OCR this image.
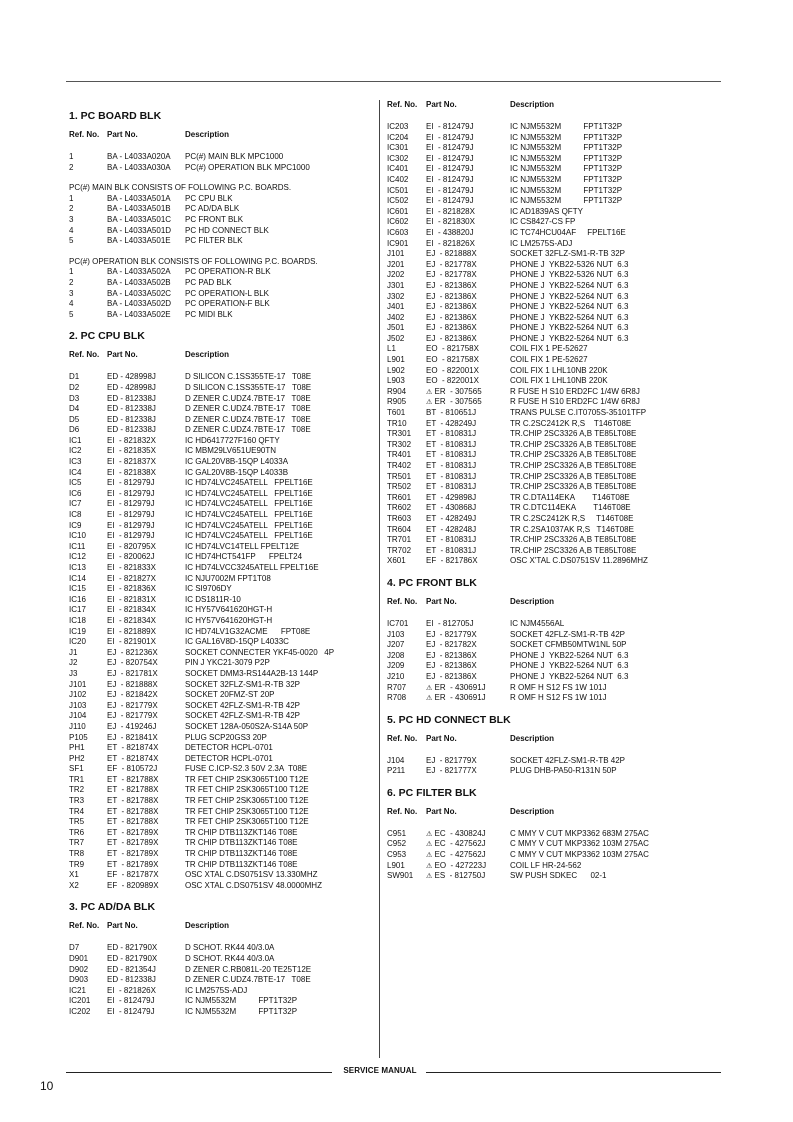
1. PC BOARD BLK
Ref. No. Part No.	Description
1	BA - L4033A020A	PC(#) MAIN BLK MPC1000
2	BA - L4033A030A	PC(#) OPERATION BLK MPC1000
PC(#) MAIN BLK CONSISTS OF FOLLOWING P.C. BOARDS.
1	BA - L4033A501A	PC CPU BLK
2	BA - L4033A501B	PC AD/DA BLK
3	BA - L4033A501C	PC FRONT BLK
4	BA - L4033A501D	PC HD CONNECT BLK
5	BA - L4033A501E	PC FILTER BLK
PC(#) OPERATION BLK CONSISTS OF FOLLOWING P.C. BOARDS.
1	BA - L4033A502A	PC OPERATION-R BLK
2	BA - L4033A502B	PC PAD BLK
3	BA - L4033A502C	PC OPERATION-L BLK
4	BA - L4033A502D	PC OPERATION-F BLK
5	BA - L4033A502E	PC MIDI BLK
2. PC CPU BLK
Ref. No. Part No.	Description
D1	ED - 428998J	D SILICON C.1SS355TE-17   T08E
D2	ED - 428998J	D SILICON C.1SS355TE-17   T08E
D3	ED - 812338J	D ZENER C.UDZ4.7BTE-17   T08E
D4	ED - 812338J	D ZENER C.UDZ4.7BTE-17   T08E
D5	ED - 812338J	D ZENER C.UDZ4.7BTE-17   T08E
D6	ED - 812338J	D ZENER C.UDZ4.7BTE-17   T08E
IC1	EI  - 821832X	IC HD6417727F160 QFTY
IC2	EI  - 821835X	IC MBM29LV651UE90TN
IC3	EI  - 821837X	IC GAL20V8B-15QP L4033A
IC4	EI  - 821838X	IC GAL20V8B-15QP L4033B
IC5	EI  - 812979J	IC HD74LVC245ATELL   FPELT16E
IC6	EI  - 812979J	IC HD74LVC245ATELL   FPELT16E
IC7	EI  - 812979J	IC HD74LVC245ATELL   FPELT16E
IC8	EI  - 812979J	IC HD74LVC245ATELL   FPELT16E
IC9	EI  - 812979J	IC HD74LVC245ATELL   FPELT16E
IC10	EI  - 812979J	IC HD74LVC245ATELL   FPELT16E
IC11	EI  - 820795X	IC HD74LVC14TELL FPELT12E
IC12	EI  - 820062J	IC HD74HCT541FP      FPELT24
IC13	EI  - 821833X	IC HD74LVCC3245ATELL FPELT16E
IC14	EI  - 821827X	IC NJU7002M FPT1T08
IC15	EI  - 821836X	IC SI9706DY
IC16	EI  - 821831X	IC DS1811R-10
IC17	EI  - 821834X	IC HY57V641620HGT-H
IC18	EI  - 821834X	IC HY57V641620HGT-H
IC19	EI  - 821889X	IC HD74LV1G32ACME      FPT08E
IC20	EI  - 821901X	IC GAL16V8D-15QP L4033C
J1	EJ  - 821236X	SOCKET CONNECTER YKF45-0020   4P
J2	EJ  - 820754X	PIN J YKC21-3079 P2P
J3	EJ  - 821781X	SOCKET DMM3-RS144A2B-13 144P
J101	EJ  - 821888X	SOCKET 32FLZ-SM1-R-TB 32P
J102	EJ  - 821842X	SOCKET 20FMZ-ST 20P
J103	EJ  - 821779X	SOCKET 42FLZ-SM1-R-TB 42P
J104	EJ  - 821779X	SOCKET 42FLZ-SM1-R-TB 42P
J110	EJ  - 419246J	SOCKET 128A-050S2A-S14A 50P
P105	EJ  - 821841X	PLUG SCP20GS3 20P
PH1	ET  - 821874X	DETECTOR HCPL-0701
PH2	ET  - 821874X	DETECTOR HCPL-0701
SF1	EF  - 810572J	FUSE C.ICP-S2.3 50V 2.3A  T08E
TR1	ET  - 821788X	TR FET CHIP 2SK3065T100 T12E
TR2	ET  - 821788X	TR FET CHIP 2SK3065T100 T12E
TR3	ET  - 821788X	TR FET CHIP 2SK3065T100 T12E
TR4	ET  - 821788X	TR FET CHIP 2SK3065T100 T12E
TR5	ET  - 821788X	TR FET CHIP 2SK3065T100 T12E
TR6	ET  - 821789X	TR CHIP DTB113ZKT146 T08E
TR7	ET  - 821789X	TR CHIP DTB113ZKT146 T08E
TR8	ET  - 821789X	TR CHIP DTB113ZKT146 T08E
TR9	ET  - 821789X	TR CHIP DTB113ZKT146 T08E
X1	EF  - 821787X	OSC XTAL C.DS0751SV 13.330MHZ
X2	EF  - 820989X	OSC XTAL C.DS0751SV 48.0000MHZ
3. PC AD/DA BLK
Ref. No. Part No.	Description
D7	ED - 821790X	D SCHOT. RK44 40/3.0A
D901	ED - 821790X	D SCHOT. RK44 40/3.0A
D902	ED - 821354J	D ZENER C.RB081L-20 TE25T12E
D903	ED - 812338J	D ZENER C.UDZ4.7BTE-17   T08E
IC21	EI  - 821826X	IC LM2575S-ADJ
IC201	EI  - 812479J	IC NJM5532M          FPT1T32P
IC202	EI  - 812479J	IC NJM5532M          FPT1T32P
Ref. No.	Part No.	Description
IC203	EI  - 812479J	IC NJM5532M          FPT1T32P
IC204	EI  - 812479J	IC NJM5532M          FPT1T32P
IC301	EI  - 812479J	IC NJM5532M          FPT1T32P
IC302	EI  - 812479J	IC NJM5532M          FPT1T32P
IC401	EI  - 812479J	IC NJM5532M          FPT1T32P
IC402	EI  - 812479J	IC NJM5532M          FPT1T32P
IC501	EI  - 812479J	IC NJM5532M          FPT1T32P
IC502	EI  - 812479J	IC NJM5532M          FPT1T32P
IC601	EI  - 821828X	IC AD1839AS QFTY
IC602	EI  - 821830X	IC CS8427-CS FP
IC603	EI  - 438820J	IC TC74HCU04AF     FPELT16E
IC901	EI  - 821826X	IC LM2575S-ADJ
J101	EJ  - 821888X	SOCKET 32FLZ-SM1-R-TB 32P
J201	EJ  - 821778X	PHONE J  YKB22-5326 NUT  6.3
J202	EJ  - 821778X	PHONE J  YKB22-5326 NUT  6.3
J301	EJ  - 821386X	PHONE J  YKB22-5264 NUT  6.3
J302	EJ  - 821386X	PHONE J  YKB22-5264 NUT  6.3
J401	EJ  - 821386X	PHONE J  YKB22-5264 NUT  6.3
J402	EJ  - 821386X	PHONE J  YKB22-5264 NUT  6.3
J501	EJ  - 821386X	PHONE J  YKB22-5264 NUT  6.3
J502	EJ  - 821386X	PHONE J  YKB22-5264 NUT  6.3
L1	EO  - 821758X	COIL FIX 1 PE-52627
L901	EO  - 821758X	COIL FIX 1 PE-52627
L902	EO  - 822001X	COIL FIX 1 LHL10NB 220K
L903	EO  - 822001X	COIL FIX 1 LHL10NB 220K
R904	⚠ ER  - 307565	R FUSE H S10 ERD2FC 1/4W 6R8J
R905	⚠ ER  - 307565	R FUSE H S10 ERD2FC 1/4W 6R8J
T601	BT  - 810651J	TRANS PULSE C.IT0705S-35101TFP
TR10	ET  - 428249J	TR C.2SC2412K R,S    T146T08E
TR301	ET  - 810831J	TR.CHIP 2SC3326 A,B TE85LT08E
TR302	ET  - 810831J	TR.CHIP 2SC3326 A,B TE85LT08E
TR401	ET  - 810831J	TR.CHIP 2SC3326 A,B TE85LT08E
TR402	ET  - 810831J	TR.CHIP 2SC3326 A,B TE85LT08E
TR501	ET  - 810831J	TR.CHIP 2SC3326 A,B TE85LT08E
TR502	ET  - 810831J	TR.CHIP 2SC3326 A,B TE85LT08E
TR601	ET  - 429898J	TR C.DTA114EKA        T146T08E
TR602	ET  - 430868J	TR C.DTC114EKA        T146T08E
TR603	ET  - 428249J	TR C.2SC2412K R,S     T146T08E
TR604	ET  - 428248J	TR C.2SA1037AK R,S   T146T08E
TR701	ET  - 810831J	TR.CHIP 2SC3326 A,B TE85LT08E
TR702	ET  - 810831J	TR.CHIP 2SC3326 A,B TE85LT08E
X601	EF  - 821786X	OSC X'TAL C.DS0751SV 11.2896MHZ
4. PC FRONT BLK
Ref. No.	Part No.	Description
IC701	EI  - 812705J	IC NJM4556AL
J103	EJ  - 821779X	SOCKET 42FLZ-SM1-R-TB 42P
J207	EJ  - 821782X	SOCKET CFMB50MTW1NL 50P
J208	EJ  - 821386X	PHONE J  YKB22-5264 NUT  6.3
J209	EJ  - 821386X	PHONE J  YKB22-5264 NUT  6.3
J210	EJ  - 821386X	PHONE J  YKB22-5264 NUT  6.3
R707	⚠ ER  - 430691J	R OMF H S12 FS 1W 101J
R708	⚠ ER  - 430691J	R OMF H S12 FS 1W 101J
5. PC HD CONNECT BLK
Ref. No.	Part No.	Description
J104	EJ  - 821779X	SOCKET 42FLZ-SM1-R-TB 42P
P211	EJ  - 821777X	PLUG DHB-PA50-R131N 50P
6. PC FILTER BLK
Ref. No.	Part No.	Description
C951	⚠ EC  - 430824J	C MMY V CUT MKP3362 683M 275AC
C952	⚠ EC  - 427562J	C MMY V CUT MKP3362 103M 275AC
C953	⚠ EC  - 427562J	C MMY V CUT MKP3362 103M 275AC
L901	⚠ EO  - 427223J	COIL LF HR-24-562
SW901	⚠ ES  - 812750J	SW PUSH SDKEC      02-1
SERVICE MANUAL
10
